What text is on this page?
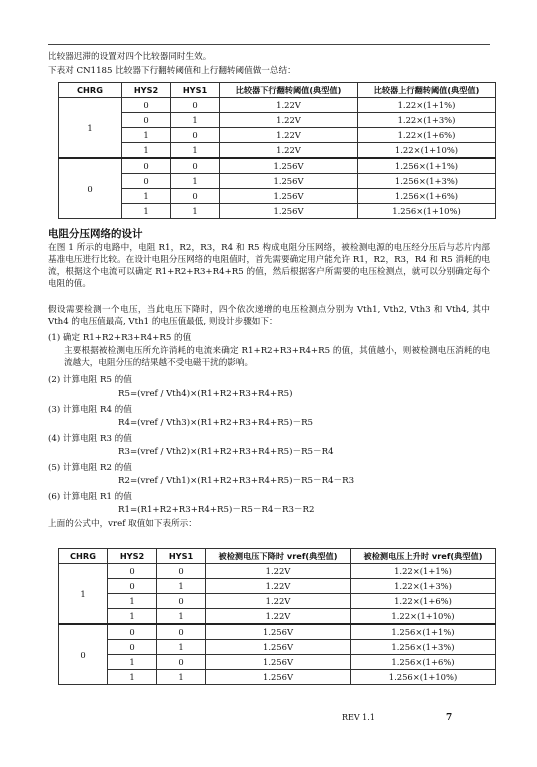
比较器迟滞的设置对四个比较器同时生效。
下表对 CN1185 比较器下行翻转阈值和上行翻转阈值做一总结：
CHRG	HYS2	HYS1	比较器下行翻转阈值(典型值)	比较器上行翻转阈值(典型值)
1	0	0	1.22V	1.22×(1+1%)
	0	1	1.22V	1.22×(1+3%)
	1	0	1.22V	1.22×(1+6%)
	1	1	1.22V	1.22×(1+10%)
0	0	0	1.256V	1.256×(1+1%)
	0	1	1.256V	1.256×(1+3%)
	1	0	1.256V	1.256×(1+6%)
	1	1	1.256V	1.256×(1+10%)
电阻分压网络的设计
在图 1 所示的电路中，电阻 R1，R2，R3，R4 和 R5 构成电阻分压网络，被检测电源的电压经分压后与芯片内部基准电压进行比较。在设计电阻分压网络的电阻值时，首先需要确定用户能允许 R1，R2，R3，R4 和 R5 消耗的电流，根据这个电流可以确定 R1+R2+R3+R4+R5 的值，然后根据客户所需要的电压检测点，就可以分别确定每个电阻的值。
假设需要检测一个电压，当此电压下降时，四个依次递增的电压检测点分别为 Vth1, Vth2, Vth3 和 Vth4, 其中 Vth4 的电压值最高, Vth1 的电压值最低, 则设计步骤如下：
(1) 确定 R1+R2+R3+R4+R5 的值
主要根据被检测电压所允许消耗的电流来确定 R1+R2+R3+R4+R5 的值，其值越小，则被检测电压消耗的电流越大，电阻分压的结果越不受电磁干扰的影响。
(2) 计算电阻 R5 的值
R5=(vref / Vth4)×(R1+R2+R3+R4+R5)
(3) 计算电阻 R4 的值
R4=(vref / Vth3)×(R1+R2+R3+R4+R5)－R5
(4) 计算电阻 R3 的值
R3=(vref / Vth2)×(R1+R2+R3+R4+R5)－R5－R4
(5) 计算电阻 R2 的值
R2=(vref / Vth1)×(R1+R2+R3+R4+R5)－R5－R4－R3
(6) 计算电阻 R1 的值
R1=(R1+R2+R3+R4+R5)－R5－R4－R3－R2
上面的公式中，vref 取值如下表所示：
CHRG	HYS2	HYS1	被检测电压下降时 vref(典型值)	被检测电压上升时 vref(典型值)
1	0	0	1.22V	1.22×(1+1%)
	0	1	1.22V	1.22×(1+3%)
	1	0	1.22V	1.22×(1+6%)
	1	1	1.22V	1.22×(1+10%)
0	0	0	1.256V	1.256×(1+1%)
	0	1	1.256V	1.256×(1+3%)
	1	0	1.256V	1.256×(1+6%)
	1	1	1.256V	1.256×(1+10%)
REV 1.1	7
